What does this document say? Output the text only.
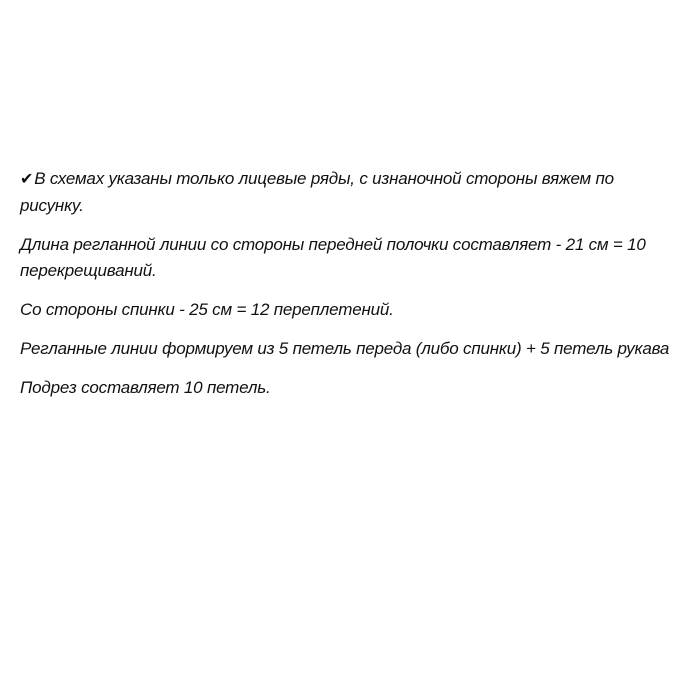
✔В схемах указаны только лицевые ряды, с изнаночной стороны вяжем по рисунку.

Длина регланной линии со стороны передней полочки составляет - 21 см = 10 перекрещиваний.

Со стороны спинки - 25 см = 12 переплетений.

Регланные линии формируем из 5 петель переда (либо спинки) + 5 петель рукава

Подрез составляет 10 петель.
